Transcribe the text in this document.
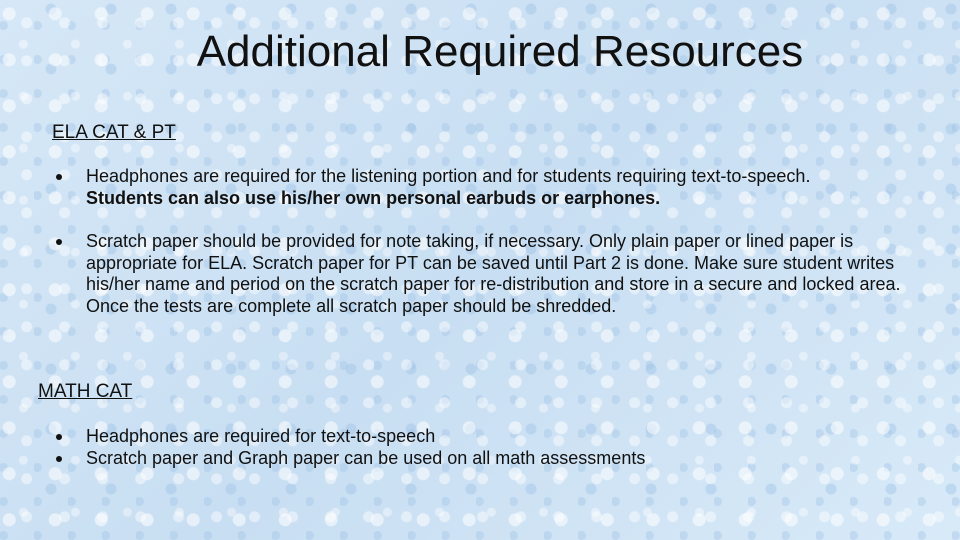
Additional Required Resources
ELA CAT & PT
Headphones are required for the listening portion and for students requiring text-to-speech.
Students can also use his/her own personal earbuds or earphones.
Scratch paper should be provided for note taking, if necessary. Only plain paper or lined paper is appropriate for ELA. Scratch paper for PT can be saved until Part 2 is done. Make sure student writes his/her name and period on the scratch paper for re-distribution and store in a secure and locked area. Once the tests are complete all scratch paper should be shredded.
MATH CAT
Headphones are required for text-to-speech
Scratch paper and Graph paper can be used on all math assessments
